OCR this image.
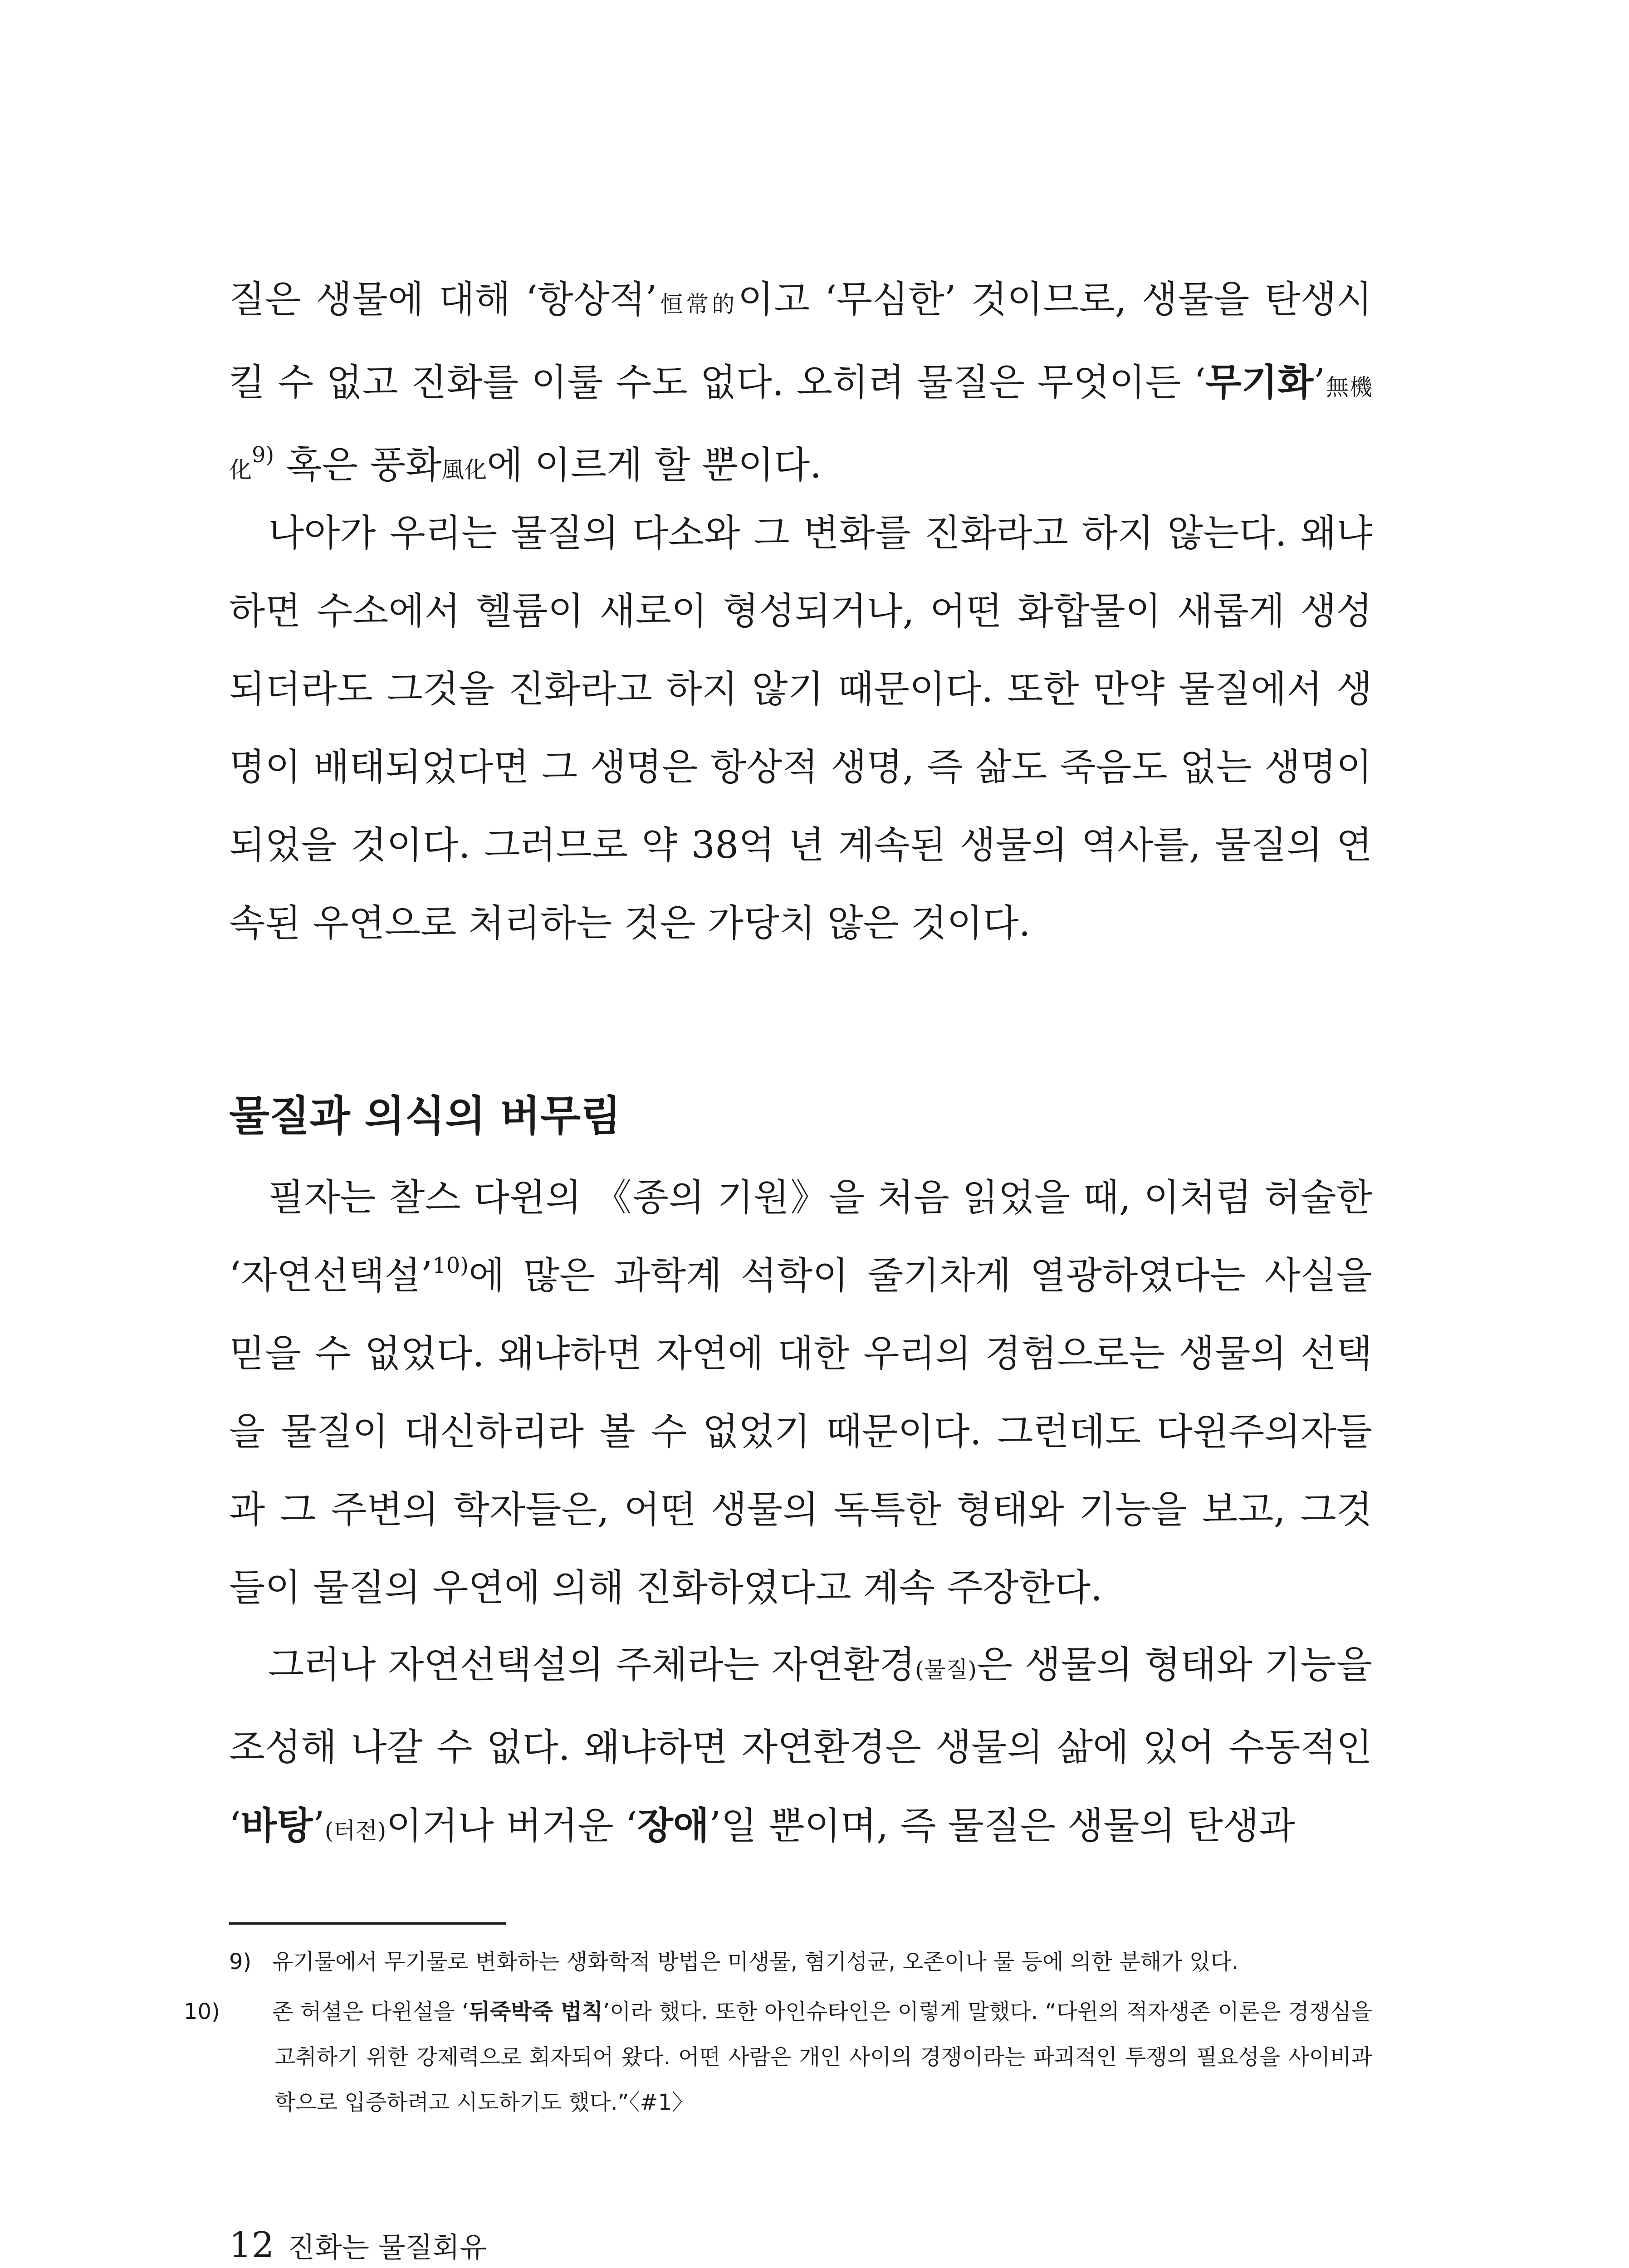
질은 생물에 대해 ‘항상적’恒常的이고 ‘무심한’ 것이므로, 생물을 탄생시킬 수 없고 진화를 이룰 수도 없다. 오히려 물질은 무엇이든 ‘무기화’無機化$^{9)}$ 혹은 풍화風化에 이르게 할 뿐이다.

나아가 우리는 물질의 다소와 그 변화를 진화라고 하지 않는다. 왜냐하면 수소에서 헬륨이 새로이 형성되거나, 어떤 화합물이 새롭게 생성되더라도 그것을 진화라고 하지 않기 때문이다. 또한 만약 물질에서 생명이 배태되었다면 그 생명은 항상적 생명, 즉 삶도 죽음도 없는 생명이 되었을 것이다. 그러므로 약 38억 년 계속된 생물의 역사를, 물질의 연속된 우연으로 처리하는 것은 가당치 않은 것이다.

물질과 의식의 버무림

필자는 찰스 다윈의 《종의 기원》을 처음 읽었을 때, 이처럼 허술한 ‘자연선택설’$^{10)}$에 많은 과학계 석학이 줄기차게 열광하였다는 사실을 믿을 수 없었다. 왜냐하면 자연에 대한 우리의 경험으로는 생물의 선택을 물질이 대신하리라 볼 수 없었기 때문이다. 그런데도 다윈주의자들과 그 주변의 학자들은, 어떤 생물의 독특한 형태와 기능을 보고, 그것들이 물질의 우연에 의해 진화하였다고 계속 주장한다.

그러나 자연선택설의 주체라는 자연환경(물질)은 생물의 형태와 기능을 조성해 나갈 수 없다. 왜냐하면 자연환경은 생물의 삶에 있어 수동적인 ‘바탕’(터전)이거나 버거운 ‘장애’일 뿐이며, 즉 물질은 생물의 탄생과

9) 유기물에서 무기물로 변화하는 생화학적 방법은 미생물, 혐기성균, 오존이나 물 등에 의한 분해가 있다.

10) 존 허셜은 다윈설을 ‘뒤죽박죽 법칙’이라 했다. 또한 아인슈타인은 이렇게 말했다. “다윈의 적자생존 이론은 경쟁심을 고취하기 위한 강제력으로 회자되어 왔다. 어떤 사람은 개인 사이의 경쟁이라는 파괴적인 투쟁의 필요성을 사이비과학으로 입증하려고 시도하기도 했다.”〈#1〉

12 진화는 물질회유
